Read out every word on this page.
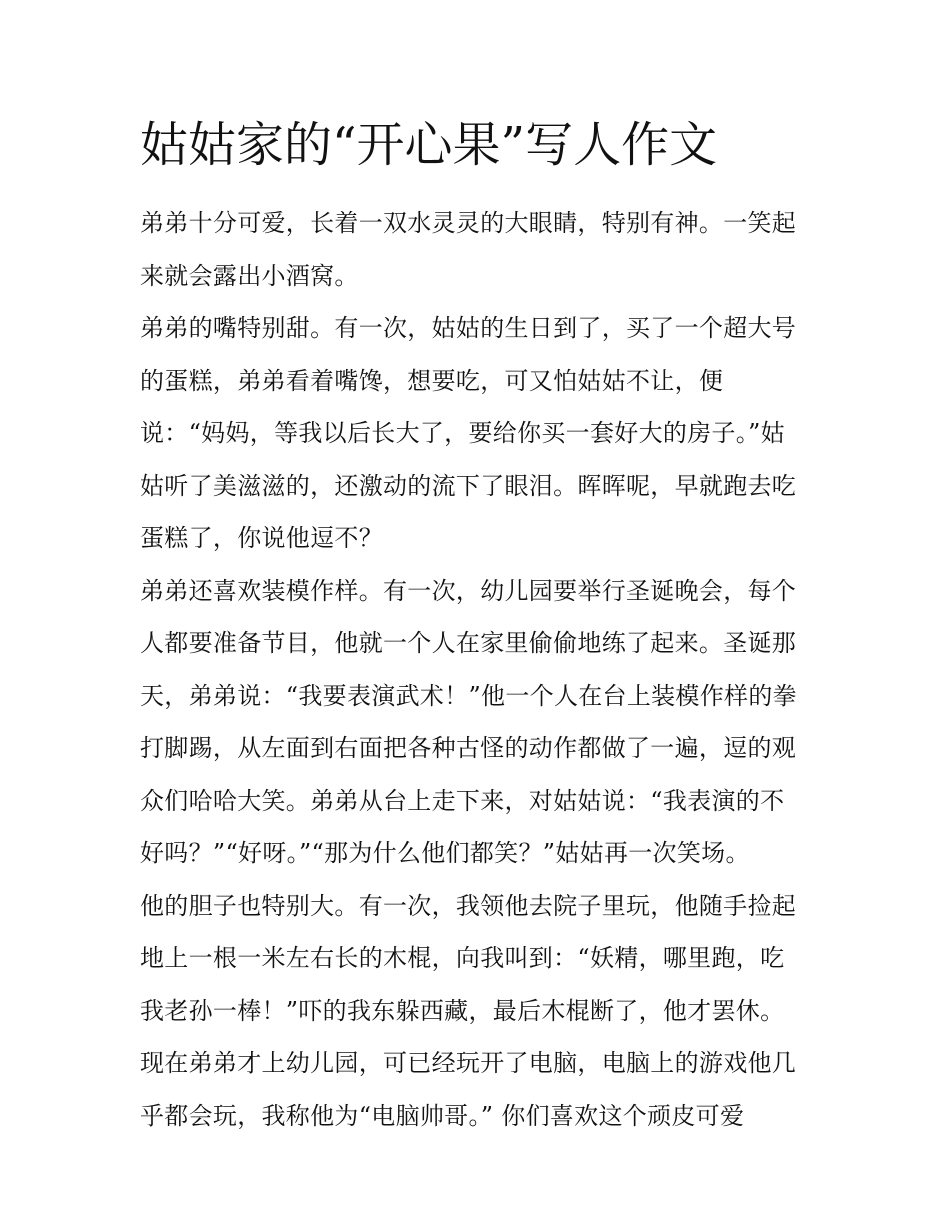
姑姑家的“开心果”写人作文
弟弟十分可爱，长着一双水灵灵的大眼睛，特别有神。一笑起
来就会露出小酒窝。
弟弟的嘴特别甜。有一次，姑姑的生日到了，买了一个超大号
的蛋糕，弟弟看着嘴馋，想要吃，可又怕姑姑不让，便
说：“妈妈，等我以后长大了，要给你买一套好大的房子。”姑
姑听了美滋滋的，还激动的流下了眼泪。晖晖呢，早就跑去吃
蛋糕了，你说他逗不？
弟弟还喜欢装模作样。有一次，幼儿园要举行圣诞晚会，每个
人都要准备节目，他就一个人在家里偷偷地练了起来。圣诞那
天，弟弟说：“我要表演武术！”他一个人在台上装模作样的拳
打脚踢，从左面到右面把各种古怪的动作都做了一遍，逗的观
众们哈哈大笑。弟弟从台上走下来，对姑姑说：“我表演的不
好吗？”“好呀。”“那为什么他们都笑？”姑姑再一次笑场。
他的胆子也特别大。有一次，我领他去院子里玩，他随手捡起
地上一根一米左右长的木棍，向我叫到：“妖精，哪里跑，吃
我老孙一棒！”吓的我东躲西藏，最后木棍断了，他才罢休。
现在弟弟才上幼儿园，可已经玩开了电脑，电脑上的游戏他几
乎都会玩，我称他为“电脑帅哥。” 你们喜欢这个顽皮可爱
